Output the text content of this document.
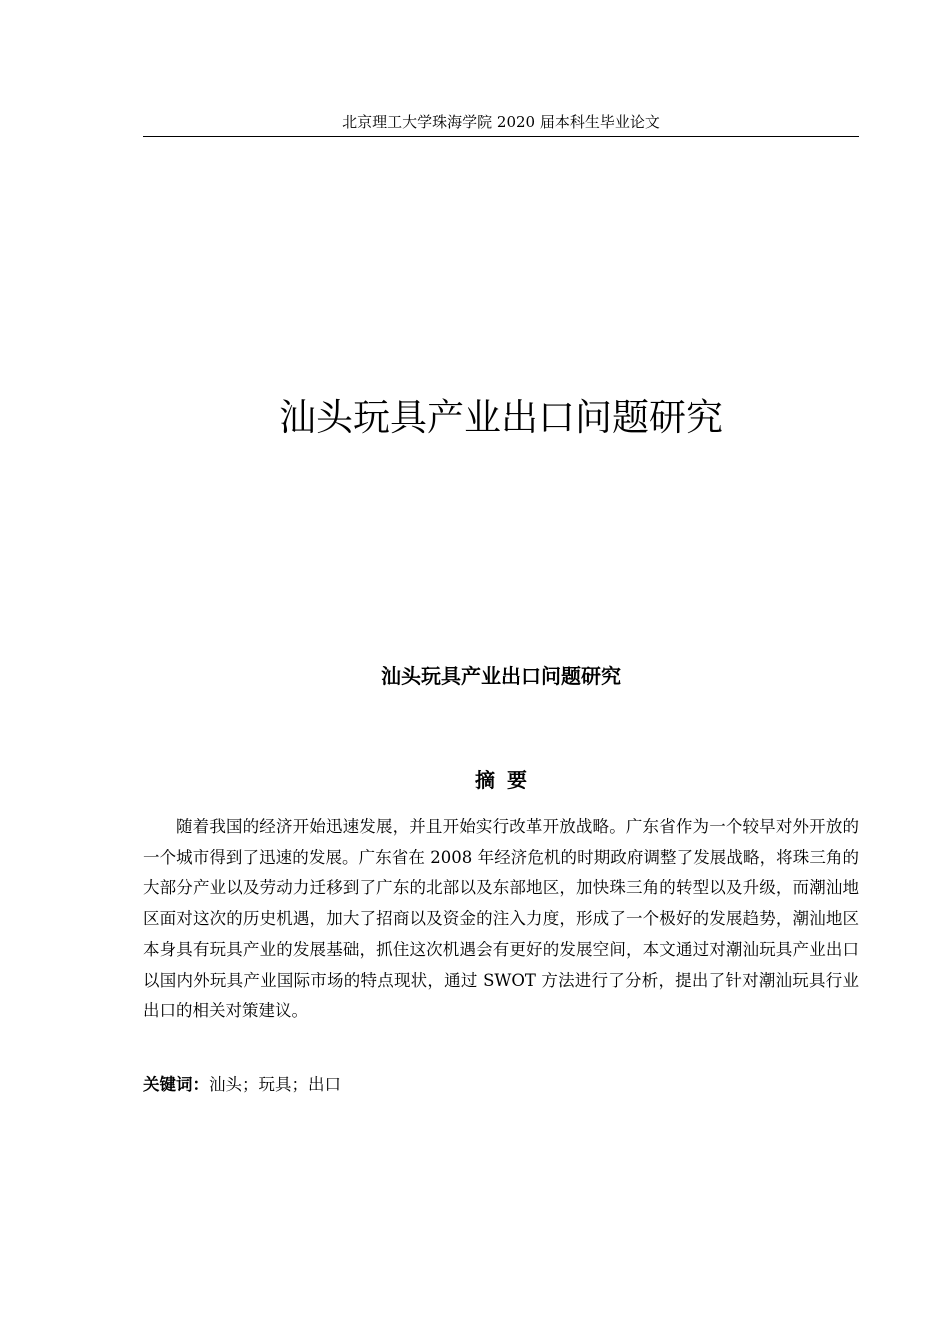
北京理工大学珠海学院 2020 届本科生毕业论文
汕头玩具产业出口问题研究
汕头玩具产业出口问题研究
摘要

随着我国的经济开始迅速发展，并且开始实行改革开放战略。广东省作为一个较早对外开放的一个城市得到了迅速的发展。广东省在 2008 年经济危机的时期政府调整了发展战略，将珠三角的大部分产业以及劳动力迁移到了广东的北部以及东部地区，加快珠三角的转型以及升级，而潮汕地区面对这次的历史机遇，加大了招商以及资金的注入力度，形成了一个极好的发展趋势，潮汕地区本身具有玩具产业的发展基础，抓住这次机遇会有更好的发展空间，本文通过对潮汕玩具产业出口以国内外玩具产业国际市场的特点现状，通过 SWOT 方法进行了分析，提出了针对潮汕玩具行业出口的相关对策建议。

关键词：汕头；玩具；出口
